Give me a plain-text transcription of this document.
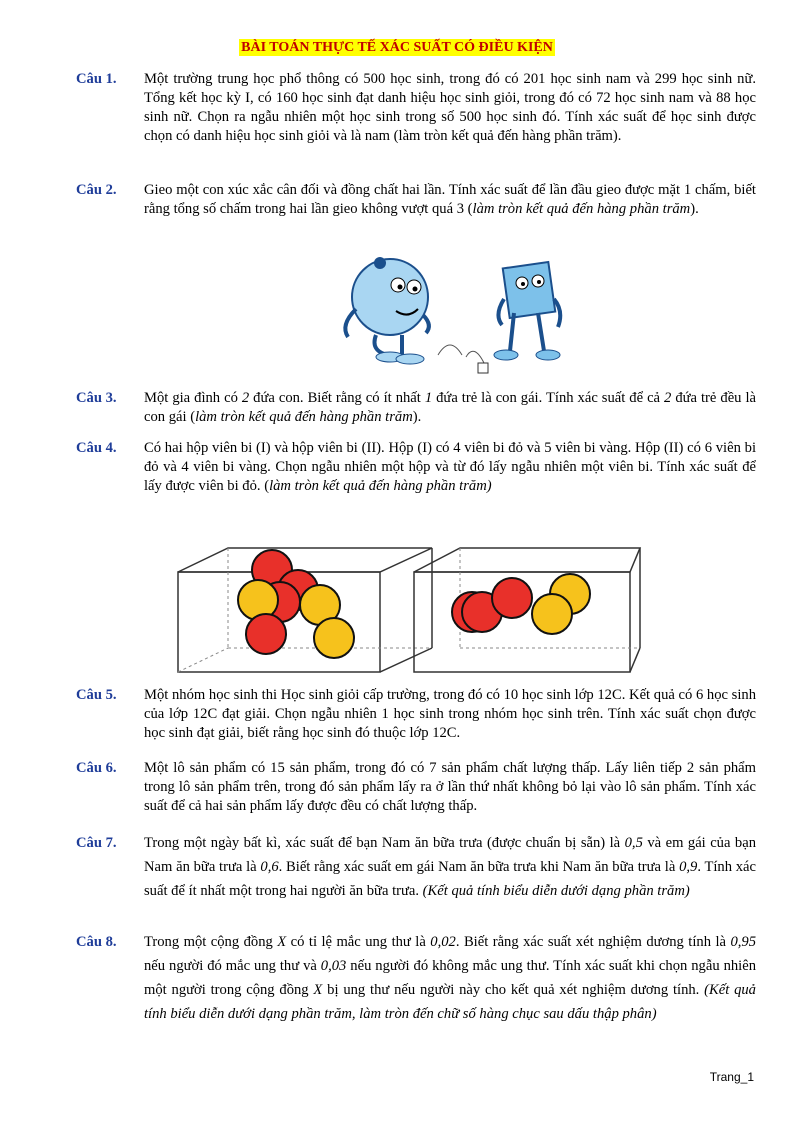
BÀI TOÁN THỰC TẾ XÁC SUẤT CÓ ĐIỀU KIỆN
Câu 1. Một trường trung học phổ thông có 500 học sinh, trong đó có 201 học sinh nam và 299 học sinh nữ. Tổng kết học kỳ I, có 160 học sinh đạt danh hiệu học sinh giỏi, trong đó có 72 học sinh nam và 88 học sinh nữ. Chọn ra ngẫu nhiên một học sinh trong số 500 học sinh đó. Tính xác suất để học sinh được chọn có danh hiệu học sinh giỏi và là nam (làm tròn kết quả đến hàng phần trăm).
Câu 2. Gieo một con xúc xắc cân đối và đồng chất hai lần. Tính xác suất để lần đầu gieo được mặt 1 chấm, biết rằng tổng số chấm trong hai lần gieo không vượt quá 3 (làm tròn kết quả đến hàng phần trăm).
Câu 3. Một gia đình có 2 đứa con. Biết rằng có ít nhất 1 đứa trẻ là con gái. Tính xác suất để cả 2 đứa trẻ đều là con gái (làm tròn kết quả đến hàng phần trăm).
Câu 4. Có hai hộp viên bi (I) và hộp viên bi (II). Hộp (I) có 4 viên bi đỏ và 5 viên bi vàng. Hộp (II) có 6 viên bi đỏ và 4 viên bi vàng. Chọn ngẫu nhiên một hộp và từ đó lấy ngẫu nhiên một viên bi. Tính xác suất để lấy được viên bi đỏ. (làm tròn kết quả đến hàng phần trăm)
Câu 5. Một nhóm học sinh thi Học sinh giỏi cấp trường, trong đó có 10 học sinh lớp 12C. Kết quả có 6 học sinh của lớp 12C đạt giải. Chọn ngẫu nhiên 1 học sinh trong nhóm học sinh trên. Tính xác suất chọn được học sinh đạt giải, biết rằng học sinh đó thuộc lớp 12C.
Câu 6. Một lô sản phẩm có 15 sản phẩm, trong đó có 7 sản phẩm chất lượng thấp. Lấy liên tiếp 2 sản phẩm trong lô sản phẩm trên, trong đó sản phẩm lấy ra ở lần thứ nhất không bỏ lại vào lô sản phẩm. Tính xác suất để cả hai sản phẩm lấy được đều có chất lượng thấp.
Câu 7. Trong một ngày bất kì, xác suất để bạn Nam ăn bữa trưa (được chuẩn bị sẵn) là 0,5 và em gái của bạn Nam ăn bữa trưa là 0,6. Biết rằng xác suất em gái Nam ăn bữa trưa khi Nam ăn bữa trưa là 0,9. Tính xác suất để ít nhất một trong hai người ăn bữa trưa. (Kết quả tính biểu diễn dưới dạng phần trăm)
Câu 8. Trong một cộng đồng X có tỉ lệ mắc ung thư là 0,02. Biết rằng xác suất xét nghiệm dương tính là 0,95 nếu người đó mắc ung thư và 0,03 nếu người đó không mắc ung thư. Tính xác suất khi chọn ngẫu nhiên một người trong cộng đồng X bị ung thư nếu người này cho kết quả xét nghiệm dương tính. (Kết quả tính biểu diễn dưới dạng phần trăm, làm tròn đến chữ số hàng chục sau dấu thập phân)
Trang_1
